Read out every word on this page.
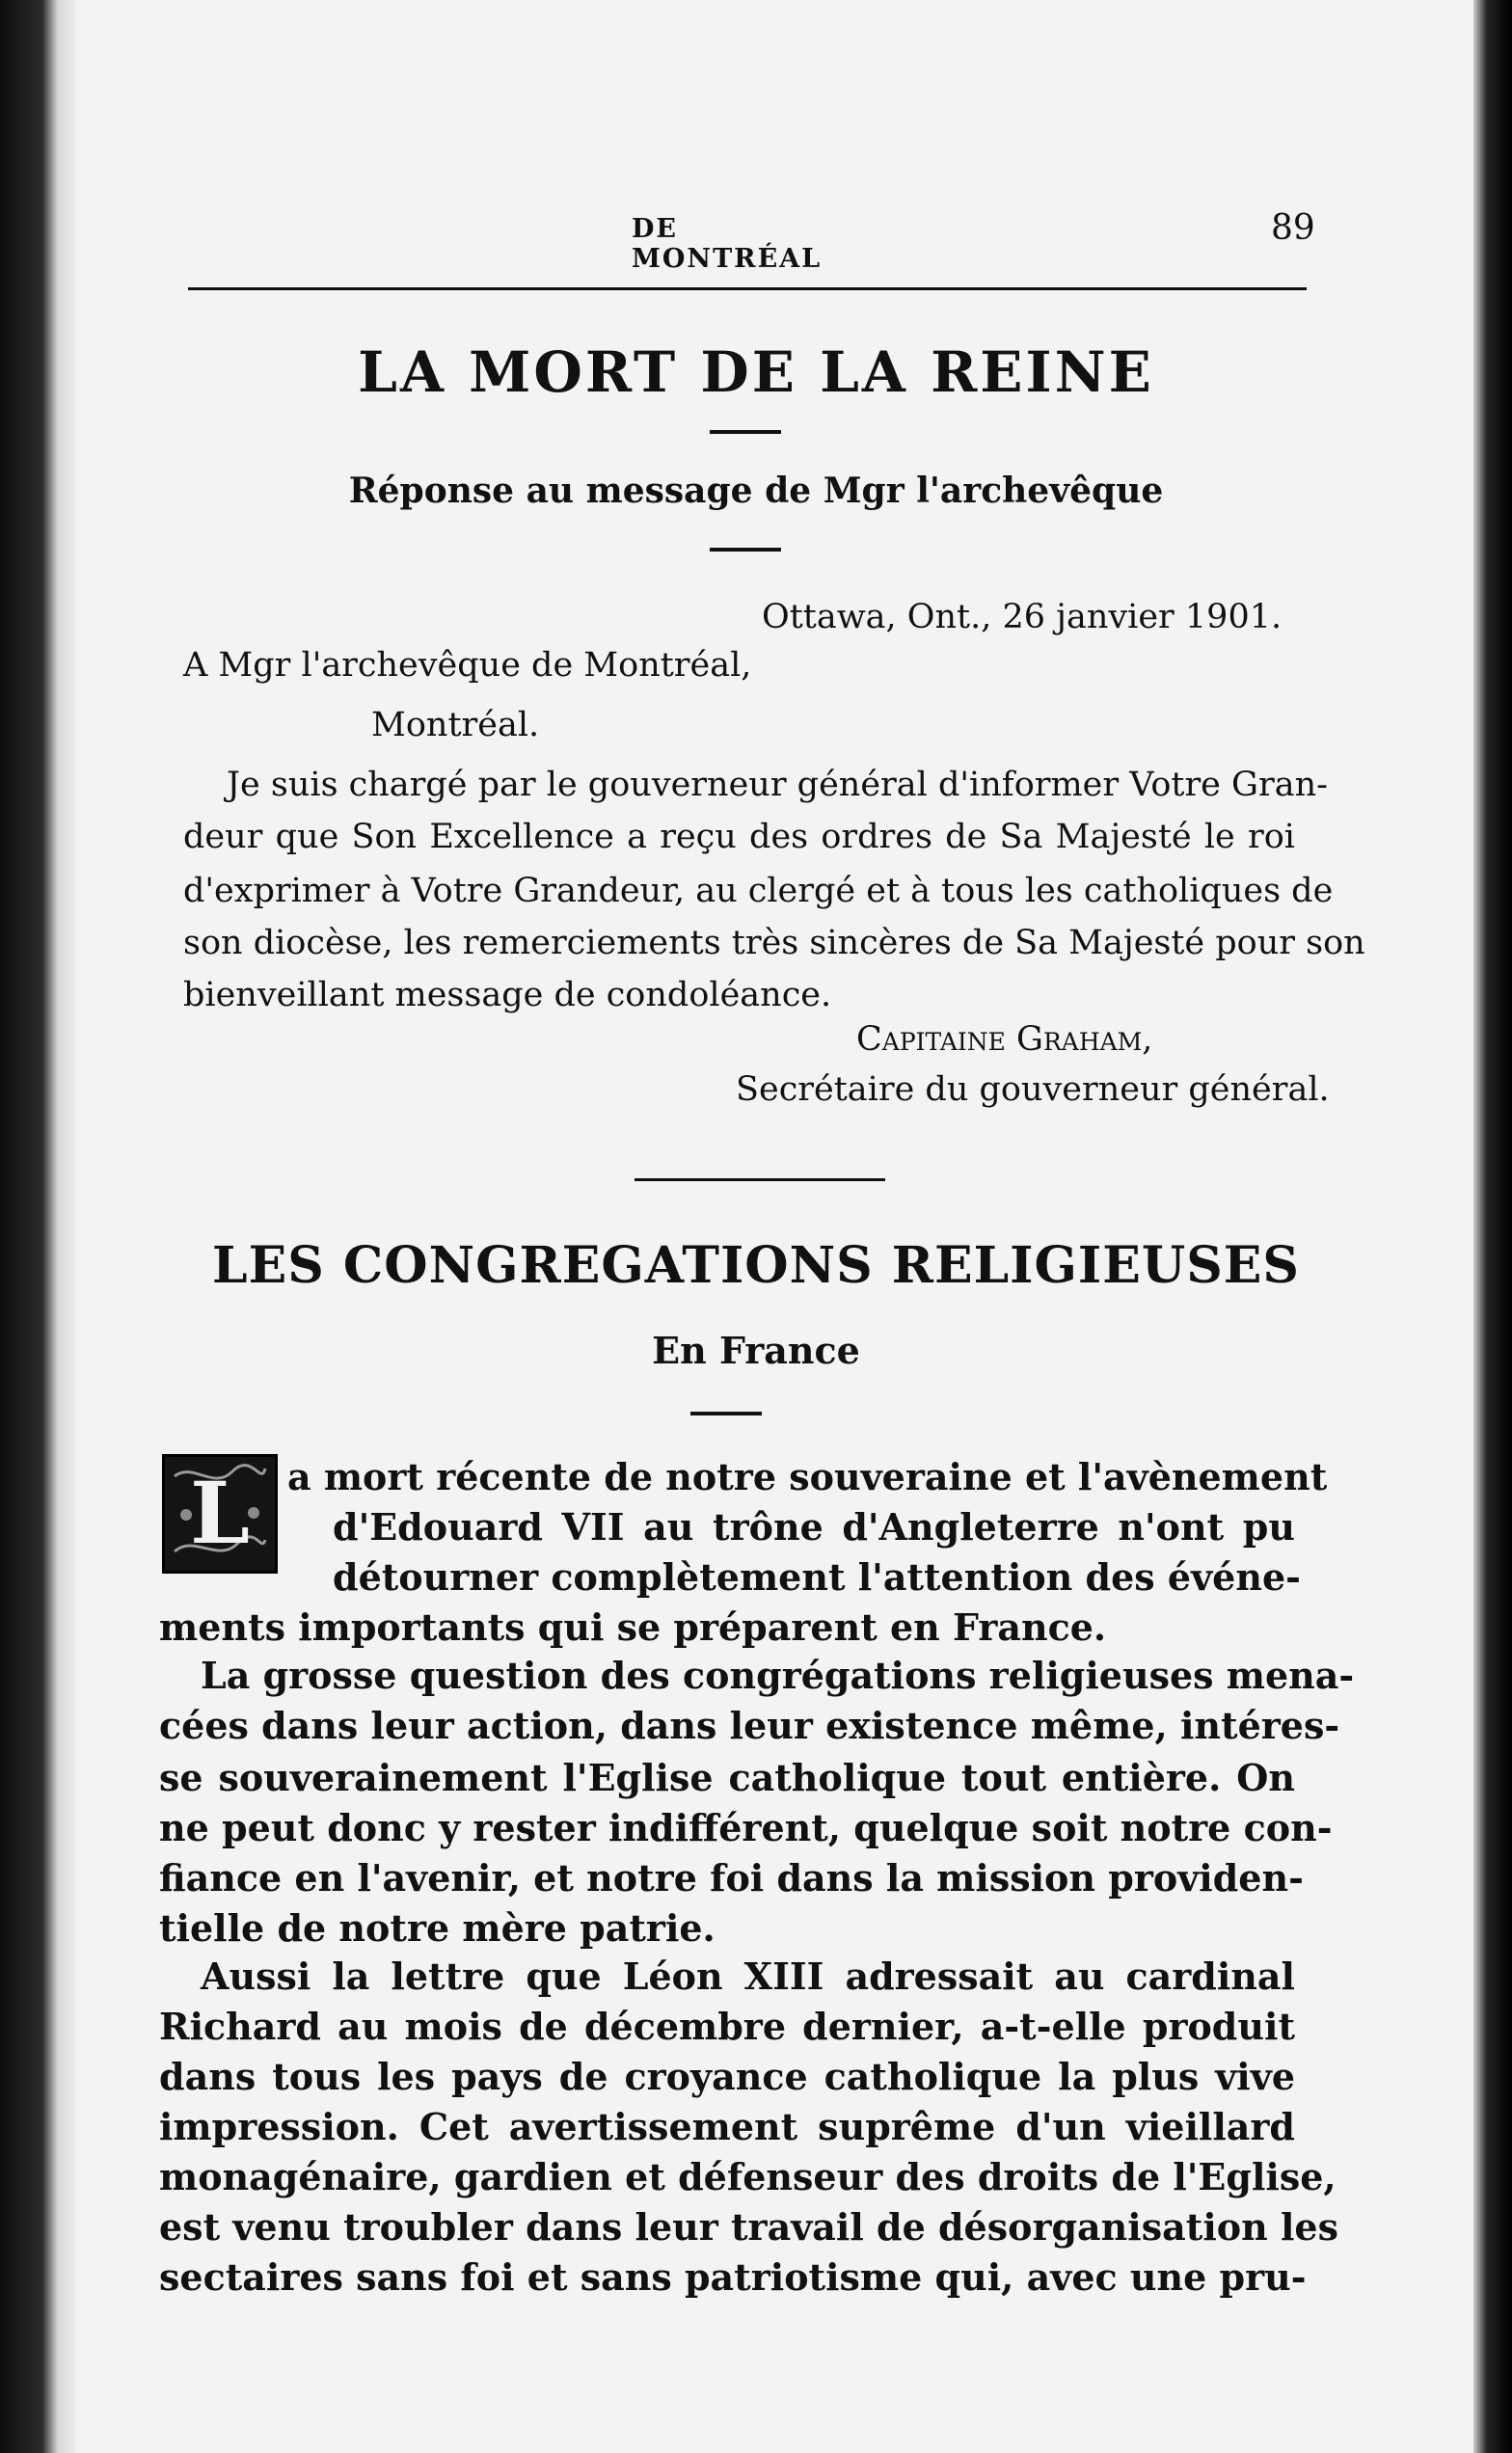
DE MONTRÉAL
89
LA MORT DE LA REINE
Réponse au message de Mgr l'archevêque
Ottawa, Ont., 26 janvier 1901.
A Mgr l'archevêque de Montréal,
Montréal.
Je suis chargé par le gouverneur général d'informer Votre Gran-
deur que Son Excellence a reçu des ordres de Sa Majesté le roi
d'exprimer à Votre Grandeur, au clergé et à tous les catholiques de
son diocèse, les remerciements très sincères de Sa Majesté pour son
bienveillant message de condoléance.
Capitaine Graham,
Secrétaire du gouverneur général.
LES CONGREGATIONS RELIGIEUSES
En France
L	a mort récente de notre souveraine et l'avènement
d'Edouard VII au trône d'Angleterre n'ont pu
détourner complètement l'attention des événe-
ments importants qui se préparent en France.
La grosse question des congrégations religieuses mena-
cées dans leur action, dans leur existence même, intéres-
se souverainement l'Eglise catholique tout entière. On
ne peut donc y rester indifférent, quelque soit notre con-
fiance en l'avenir, et notre foi dans la mission providen-
tielle de notre mère patrie.
Aussi la lettre que Léon XIII adressait au cardinal
Richard au mois de décembre dernier, a-t-elle produit
dans tous les pays de croyance catholique la plus vive
impression. Cet avertissement suprême d'un vieillard
monagénaire, gardien et défenseur des droits de l'Eglise,
est venu troubler dans leur travail de désorganisation les
sectaires sans foi et sans patriotisme qui, avec une pru-
